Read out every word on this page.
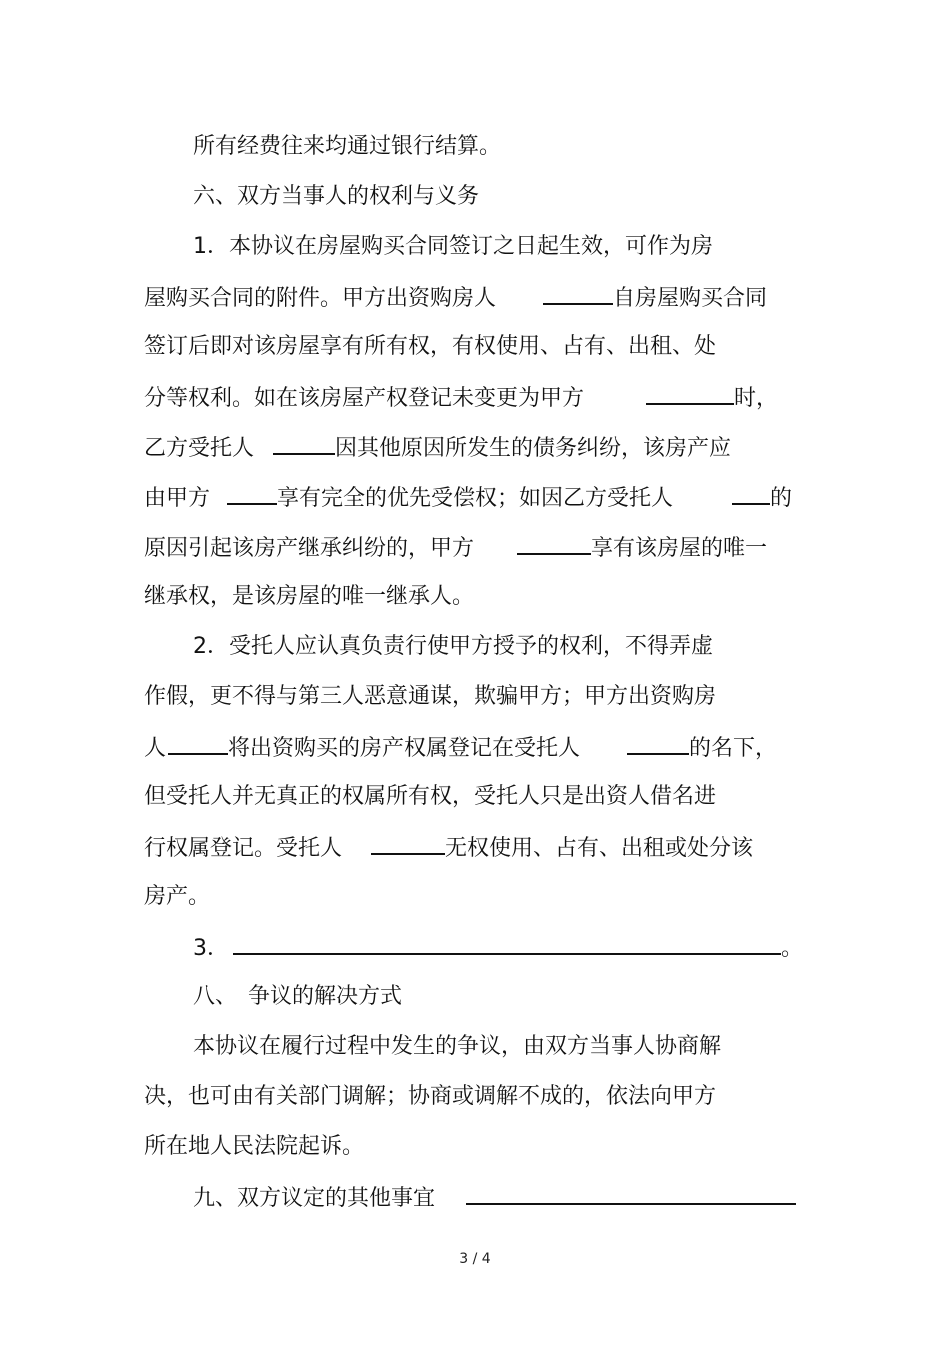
所有经费往来均通过银行结算。
六、双方当事人的权利与义务
1．本协议在房屋购买合同签订之日起生效，可作为房
屋购买合同的附件。甲方出资购房人	自房屋购买合同
签订后即对该房屋享有所有权，有权使用、占有、出租、处
分等权利。如在该房屋产权登记未变更为甲方	时，
乙方受托人	因其他原因所发生的债务纠纷，该房产应
由甲方	享有完全的优先受偿权；如因乙方受托人	的
原因引起该房产继承纠纷的，甲方	享有该房屋的唯一
继承权，是该房屋的唯一继承人。
2．受托人应认真负责行使甲方授予的权利，不得弄虚
作假，更不得与第三人恶意通谋，欺骗甲方；甲方出资购房
人	将出资购买的房产权属登记在受托人	的名下，
但受托人并无真正的权属所有权，受托人只是出资人借名进
行权属登记。受托人	无权使用、占有、出租或处分该
房产。
3．	。
八、　争议的解决方式
本协议在履行过程中发生的争议，由双方当事人协商解
决，也可由有关部门调解；协商或调解不成的，依法向甲方
所在地人民法院起诉。
九、双方议定的其他事宜
3 / 4
